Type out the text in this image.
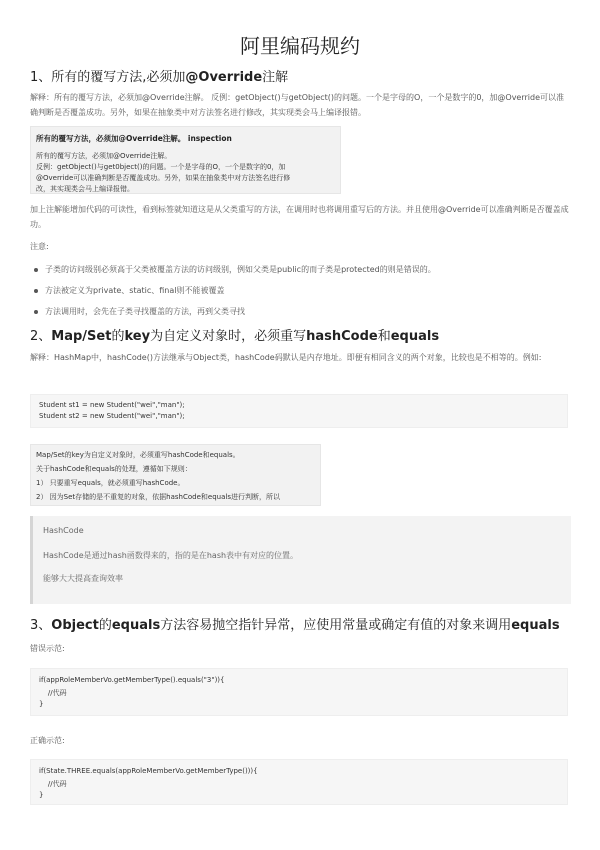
阿里编码规约
1、所有的覆写方法,必须加@Override注解

解释：所有的覆写方法，必须加@Override注解。 反例：getObject()与getObject()的问题。一个是字母的O，一个是数字的0，加@Override可以准确判断是否覆盖成功。另外，如果在抽象类中对方法签名进行修改，其实现类会马上编译报错。

所有的覆写方法，必须加@Override注解。 inspection
所有的覆写方法，必须加@Override注解。
反例：getObject()与get0bject()的问题。一个是字母的O，一个是数字的0，加
@Override可以准确判断是否覆盖成功。另外，如果在抽象类中对方法签名进行修
改，其实现类会马上编译报错。

加上注解能增加代码的可读性，看到标签就知道这是从父类重写的方法，在调用时也将调用重写后的方法。并且使用@Override可以准确判断是否覆盖成功。

注意:

子类的访问级别必须高于父类被覆盖方法的访问级别，例如父类是public的而子类是protected的则是错误的。
方法被定义为private、static、final则不能被覆盖
方法调用时，会先在子类寻找覆盖的方法，再到父类寻找
2、Map/Set的key为自定义对象时，必须重写hashCode和equals

解释：HashMap中，hashCode()方法继承与Object类，hashCode码默认是内存地址。即便有相同含义的两个对象，比较也是不相等的。例如:

Student st1 = new Student("wei","man");
Student st2 = new Student("wei","man");
Map/Set的key为自定义对象时，必须重写hashCode和equals。
关于hashCode和equals的处理，遵循如下规则：
1） 只要重写equals，就必须重写hashCode。
2） 因为Set存储的是不重复的对象，依据hashCode和equals进行判断，所以
HashCode
HashCode是通过hash函数得来的，指的是在hash表中有对应的位置。
能够大大提高查询效率
3、Object的equals方法容易抛空指针异常，应使用常量或确定有值的对象来调用equals

错误示范:

if(appRoleMemberVo.getMemberType().equals("3")){
//代码
}

正确示范:

if(State.THREE.equals(appRoleMemberVo.getMemberType())){
//代码
}
